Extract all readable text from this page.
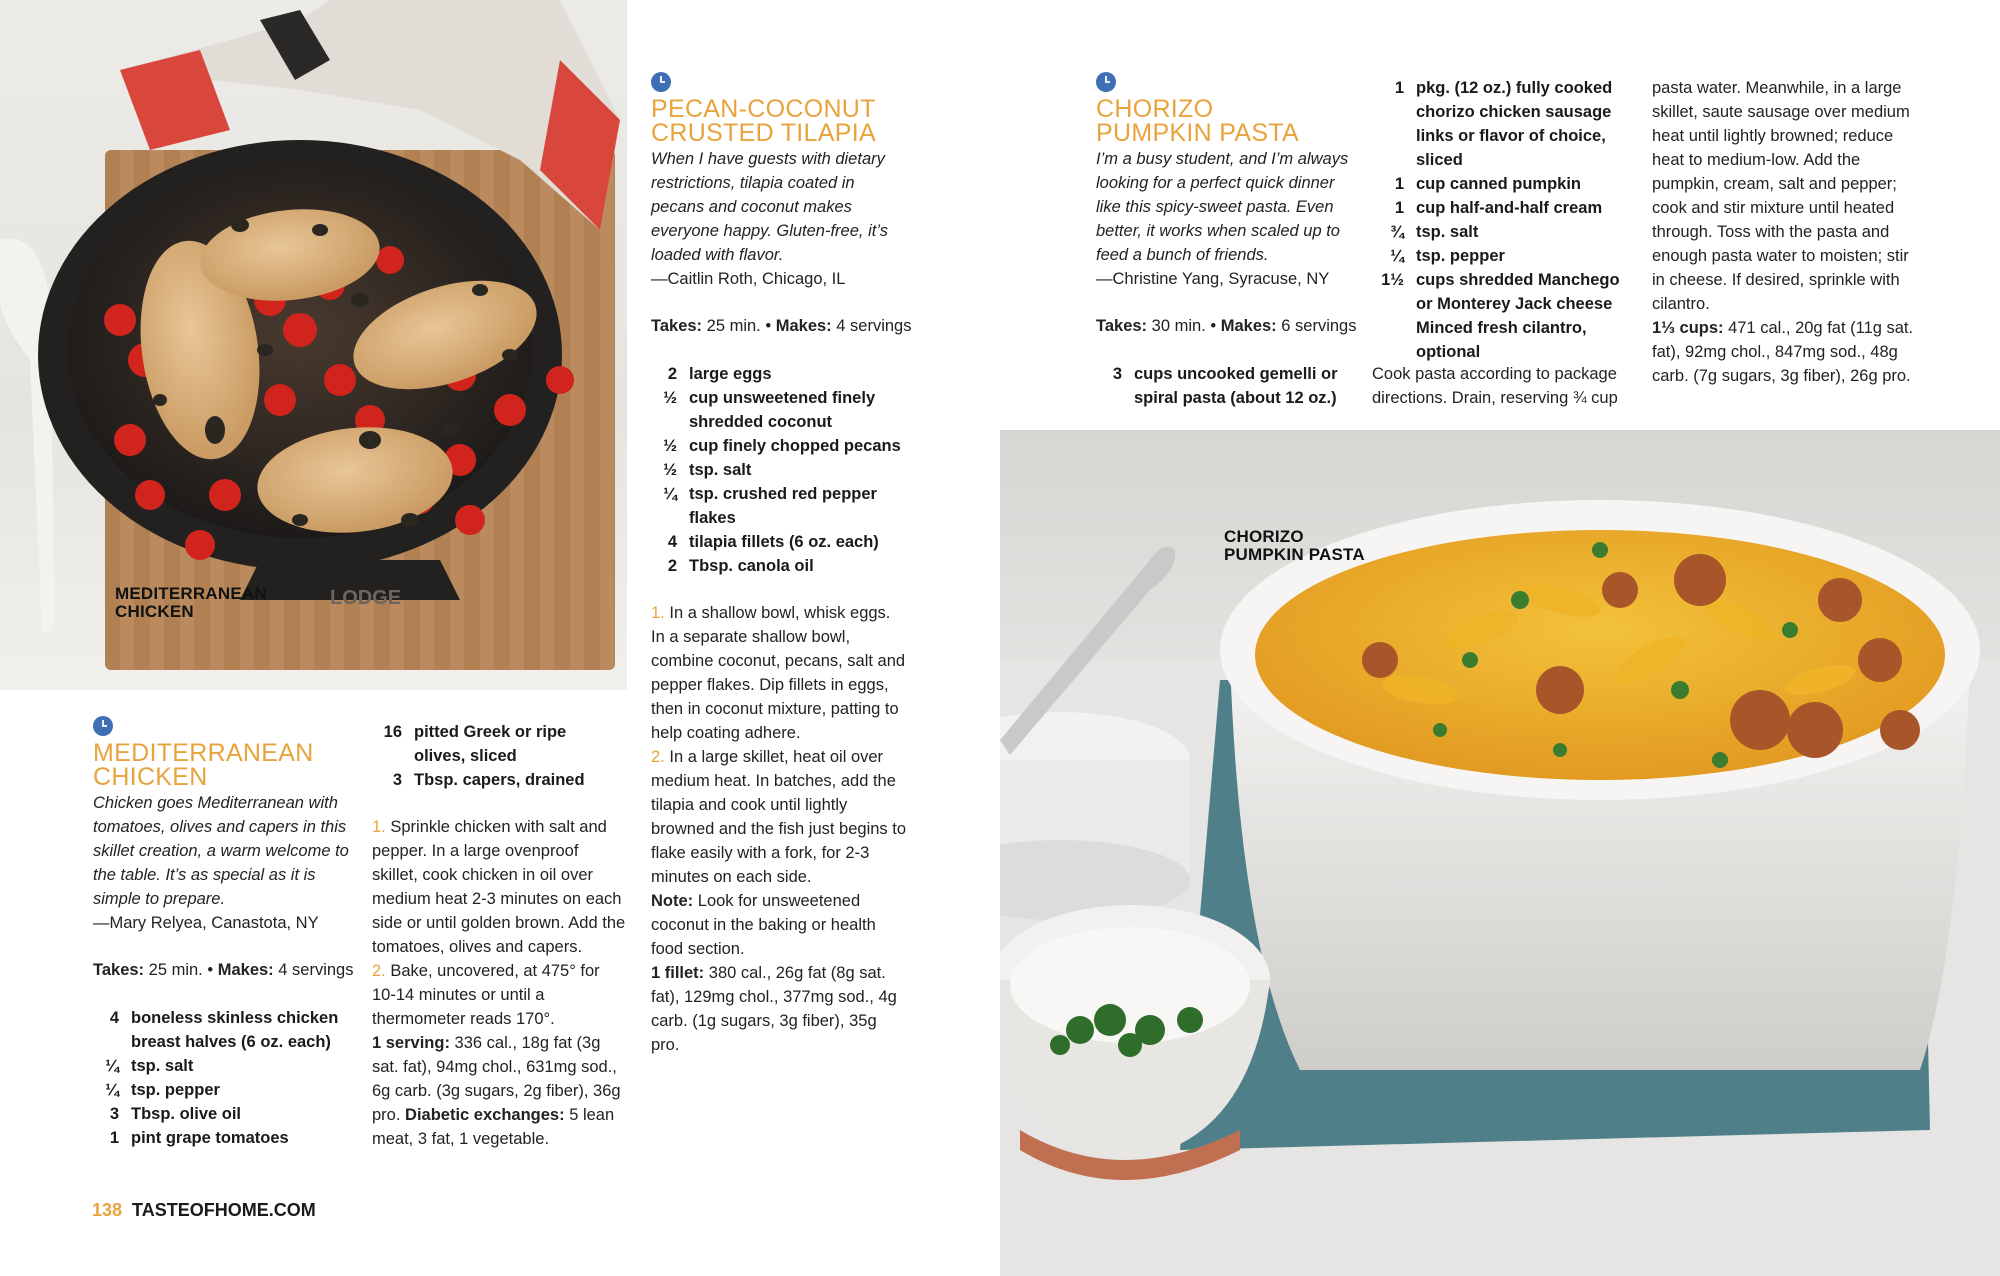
LODGE
MEDITERRANEAN
CHICKEN
CHORIZO
PUMPKIN PASTA
PECAN-COCONUT
CRUSTED TILAPIA
When I have guests with dietary restrictions, tilapia coated in pecans and coconut makes everyone happy. Gluten-free, it’s loaded with flavor.
—Caitlin Roth, Chicago, IL
Takes: 25 min. • Makes: 4 servings
2 large eggs
½ cup unsweetened finely shredded coconut
½ cup finely chopped pecans
½ tsp. salt
¼ tsp. crushed red pepper flakes
4 tilapia fillets (6 oz. each)
2 Tbsp. canola oil

1. In a shallow bowl, whisk eggs. In a separate shallow bowl, combine coconut, pecans, salt and pepper flakes. Dip fillets in eggs, then in coconut mixture, patting to help coating adhere.

2. In a large skillet, heat oil over medium heat. In batches, add the tilapia and cook until lightly browned and the fish just begins to flake easily with a fork, for 2-3 minutes on each side.

Note: Look for unsweetened coconut in the baking or health food section.

1 fillet: 380 cal., 26g fat (8g sat. fat), 129mg chol., 377mg sod., 4g carb. (1g sugars, 3g fiber), 35g pro.

MEDITERRANEAN
CHICKEN
Chicken goes Mediterranean with tomatoes, olives and capers in this skillet creation, a warm welcome to the table. It’s as special as it is simple to prepare.
—Mary Relyea, Canastota, NY
Takes: 25 min. • Makes: 4 servings
4 boneless skinless chicken breast halves (6 oz. each)
¼ tsp. salt
¼ tsp. pepper
3 Tbsp. olive oil
1 pint grape tomatoes
16 pitted Greek or ripe olives, sliced
3 Tbsp. capers, drained

1. Sprinkle chicken with salt and pepper. In a large ovenproof skillet, cook chicken in oil over medium heat 2-3 minutes on each side or until golden brown. Add the tomatoes, olives and capers.

2. Bake, uncovered, at 475° for 10-14 minutes or until a thermometer reads 170°.

1 serving: 336 cal., 18g fat (3g sat. fat), 94mg chol., 631mg sod., 6g carb. (3g sugars, 2g fiber), 36g pro. Diabetic exchanges: 5 lean meat, 3 fat, 1 vegetable.

CHORIZO
PUMPKIN PASTA
I’m a busy student, and I’m always looking for a perfect quick dinner like this spicy-sweet pasta. Even better, it works when scaled up to feed a bunch of friends.
—Christine Yang, Syracuse, NY
Takes: 30 min. • Makes: 6 servings
3 cups uncooked gemelli or spiral pasta (about 12 oz.)
1 pkg. (12 oz.) fully cooked chorizo chicken sausage links or flavor of choice, sliced
1 cup canned pumpkin
1 cup half-and-half cream
¾ tsp. salt
¼ tsp. pepper
1½ cups shredded Manchego or Monterey Jack cheese Minced fresh cilantro, optional

Cook pasta according to package directions. Drain, reserving ¾ cup

pasta water. Meanwhile, in a large skillet, saute sausage over medium heat until lightly browned; reduce heat to medium-low. Add the pumpkin, cream, salt and pepper; cook and stir mixture until heated through. Toss with the pasta and enough pasta water to moisten; stir in cheese. If desired, sprinkle with cilantro.

1⅓ cups: 471 cal., 20g fat (11g sat. fat), 92mg chol., 847mg sod., 48g carb. (7g sugars, 3g fiber), 26g pro.

138 TASTEOFHOME.COM
